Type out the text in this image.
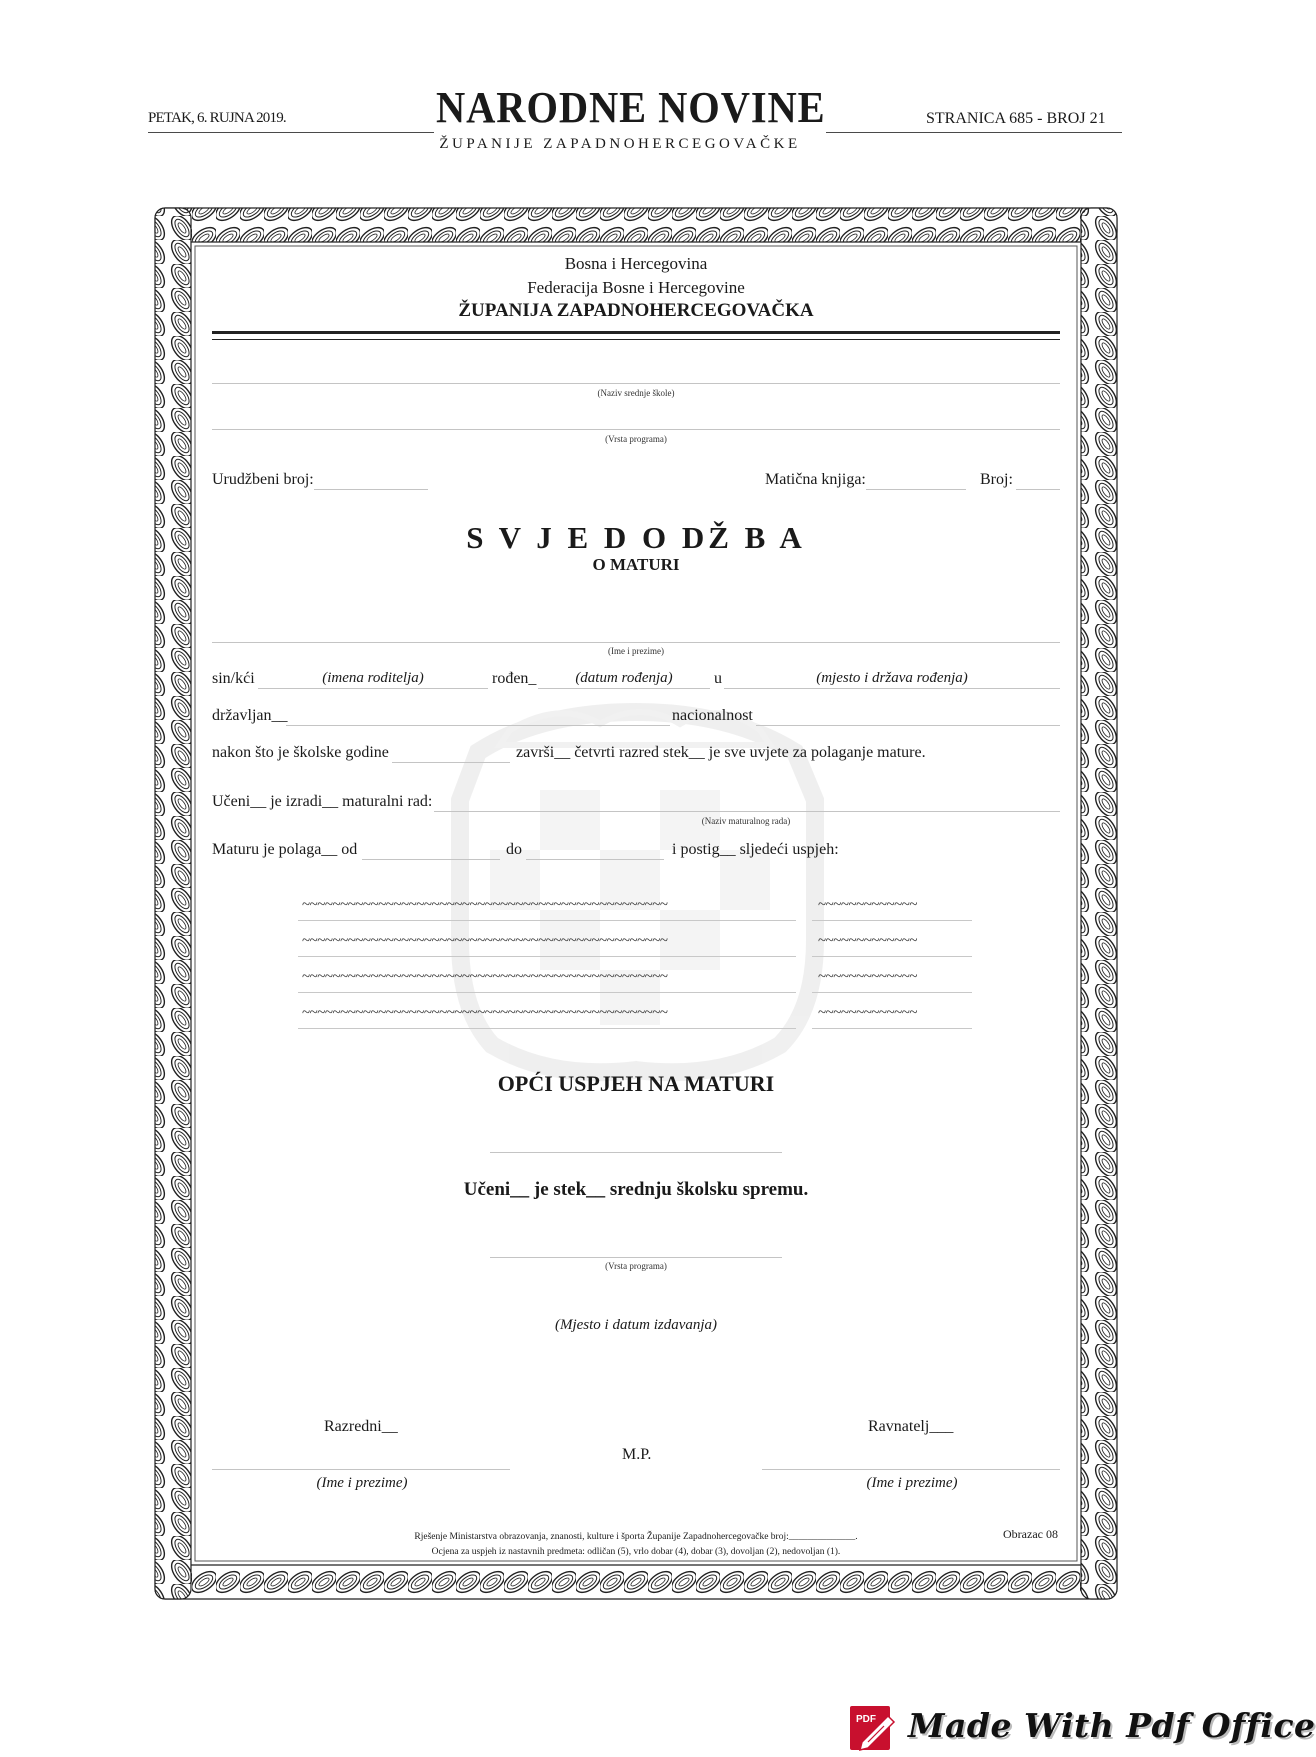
PETAK, 6. RUJNA 2019.	NARODNE NOVINE
ŽUPANIJE ZAPADNOHERCEGOVAČKE
STRANICA 685 - BROJ 21
Bosna i Hercegovina
Federacija Bosne i Hercegovine
ŽUPANIJA ZAPADNOHERCEGOVAČKA
(Naziv srednje škole)
(Vrsta programa)
Urudžbeni broj:	Matična knjiga:	Broj:
S V J E D O DŽ B A
O MATURI
(Ime i prezime)
sin/kći	(imena roditelja)	rođen_	(datum rođenja)	u	(mjesto i država rođenja)
državljan__	nacionalnost
nakon što je školske godine	završi__ četvrti razred stek__ je sve uvjete za polaganje mature.
Učeni__ je izradi__ maturalni rad:
(Naziv maturalnog rada)
Maturu je polaga__ od	do	i postig__ sljedeći uspjeh:
~~~~~~~~~~~~~~~~~~~~~~~~~~~~~~~~~~~~~~~~~~~~~~~~	~~~~~~~~~~~~~
~~~~~~~~~~~~~~~~~~~~~~~~~~~~~~~~~~~~~~~~~~~~~~~~	~~~~~~~~~~~~~
~~~~~~~~~~~~~~~~~~~~~~~~~~~~~~~~~~~~~~~~~~~~~~~~	~~~~~~~~~~~~~
~~~~~~~~~~~~~~~~~~~~~~~~~~~~~~~~~~~~~~~~~~~~~~~~	~~~~~~~~~~~~~
OPĆI USPJEH NA MATURI
Učeni__ je stek__ srednju školsku spremu.
(Vrsta programa)
(Mjesto i datum izdavanja)
Razredni__	Ravnatelj___
M.P.
(Ime i prezime)	(Ime i prezime)
Rješenje Ministarstva obrazovanja, znanosti, kulture i športa Županije Zapadnohercegovačke broj:______________.
Ocjena za uspjeh iz nastavnih predmeta: odličan (5), vrlo dobar (4), dobar (3), dovoljan (2), nedovoljan (1).
Obrazac 08
PDF Made With Pdf Office
